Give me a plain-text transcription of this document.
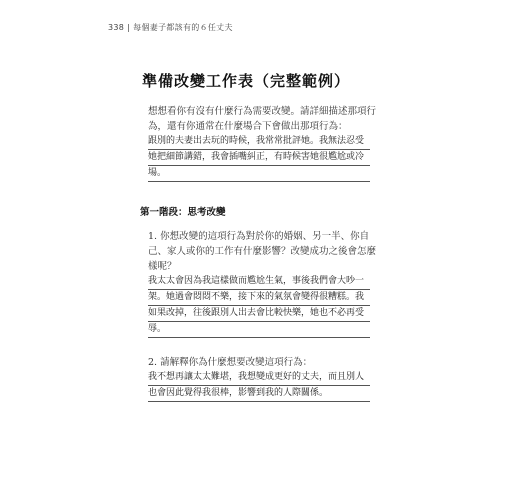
338 | 每個妻子都該有的６任丈夫
準備改變工作表（完整範例）

想想看你有沒有什麼行為需要改變。請詳細描述那項行
為，還有你通常在什麼場合下會做出那項行為：

跟別的夫妻出去玩的時候，我常常批評她。我無法忍受
她把細節講錯，我會插嘴糾正，有時候害她很尷尬或冷
場。

第一階段：思考改變

1. 你想改變的這項行為對於你的婚姻、另一半、你自
己、家人或你的工作有什麼影響？改變成功之後會怎麼
樣呢？

我太太會因為我這樣做而尷尬生氣，事後我們會大吵一
架。她過會悶悶不樂，接下來的氣氛會變得很糟糕。我
如果改掉，往後跟別人出去會比較快樂，她也不必再受
辱。

2. 請解釋你為什麼想要改變這項行為：

我不想再讓太太難堪，我想變成更好的丈夫，而且別人
也會因此覺得我很棒，影響到我的人際關係。
